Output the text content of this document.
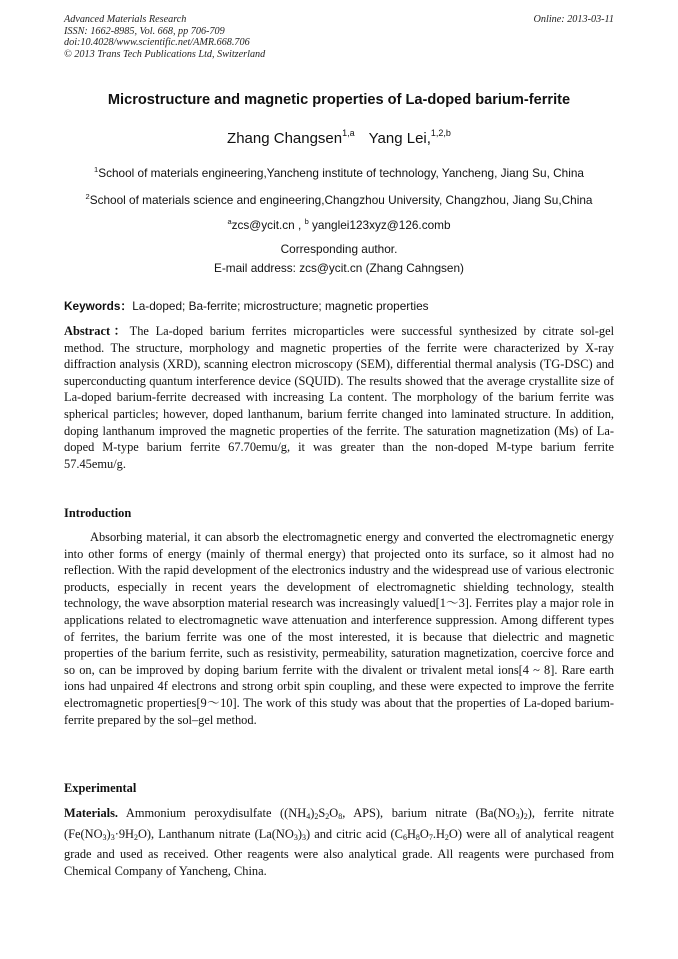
Advanced Materials Research
ISSN: 1662-8985, Vol. 668, pp 706-709
doi:10.4028/www.scientific.net/AMR.668.706
© 2013 Trans Tech Publications Ltd, Switzerland
Online: 2013-03-11
Microstructure and magnetic properties of La-doped barium-ferrite
Zhang Changsen$^{1,a}$ Yang Lei,$^{1,2,b}$
$^1$School of materials engineering,Yancheng institute of technology, Yancheng, Jiang Su, China
$^2$School of materials science and engineering,Changzhou University, Changzhou, Jiang Su,China
$^a$zcs@ycit.cn , $^b$ yanglei123xyz@126.comb
Corresponding author.
E-mail address: zcs@ycit.cn (Zhang Cahngsen)
Keywords：La-doped; Ba-ferrite; microstructure; magnetic properties
Abstract：The La-doped barium ferrites microparticles were successful synthesized by citrate sol-gel method. The structure, morphology and magnetic properties of the ferrite were characterized by X-ray diffraction analysis (XRD), scanning electron microscopy (SEM), differential thermal analysis (TG-DSC) and superconducting quantum interference device (SQUID). The results showed that the average crystallite size of La-doped barium-ferrite decreased with increasing La content. The morphology of the barium ferrite was spherical particles; however, doped lanthanum, barium ferrite changed into laminated structure. In addition, doping lanthanum improved the magnetic properties of the ferrite. The saturation magnetization (Ms) of La-doped M-type barium ferrite 67.70emu/g, it was greater than the non-doped M-type barium ferrite 57.45emu/g.
Introduction
Absorbing material, it can absorb the electromagnetic energy and converted the electromagnetic energy into other forms of energy (mainly of thermal energy) that projected onto its surface, so it almost had no reflection. With the rapid development of the electronics industry and the widespread use of various electronic products, especially in recent years the development of electromagnetic shielding technology, stealth technology, the wave absorption material research was increasingly valued[1～3]. Ferrites play a major role in applications related to electromagnetic wave attenuation and interference suppression. Among different types of ferrites, the barium ferrite was one of the most interested, it is because that dielectric and magnetic properties of the barium ferrite, such as resistivity, permeability, saturation magnetization, coercive force and so on, can be improved by doping barium ferrite with the divalent or trivalent metal ions[4 ~ 8]. Rare earth ions had unpaired 4f electrons and strong orbit spin coupling, and these were expected to improve the ferrite electromagnetic properties[9～10]. The work of this study was about that the properties of La-doped barium-ferrite prepared by the sol–gel method.
Experimental
Materials. Ammonium peroxydisulfate ($(NH_4)_2S_2O_8$, APS), barium nitrate $(Ba(NO_3)_2)$, ferrite nitrate $(Fe(NO_3)_3\cdot 9H_2O)$, Lanthanum nitrate $(La(NO_3)_3)$ and citric acid $(C_6H_8O_7.H_2O)$ were all of analytical reagent grade and used as received. Other reagents were also analytical grade. All reagents were purchased from Chemical Company of Yancheng, China.
